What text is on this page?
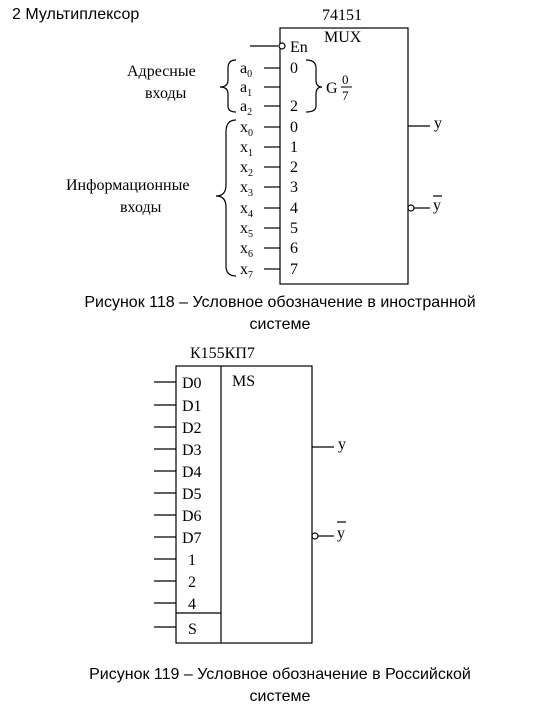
2 Мультиплексор	74151
MUX
En
Адресные
входы
Информационные
входы
$a_0$
$a_1$
$a_2$
0
2
G
0
7
$x_0$
$x_1$
$x_2$
$x_3$
$x_4$
$x_5$
$x_6$
$x_7$
0
1
2
3
4
5
6
7
y
y
Рисунок 118 – Условное обозначение в иностранной
системе
К155КП7
MS
D0
D1
D2
D3
D4
D5
D6
D7
1
2
4
S
y
y
Рисунок 119 – Условное обозначение в Российской
системе
